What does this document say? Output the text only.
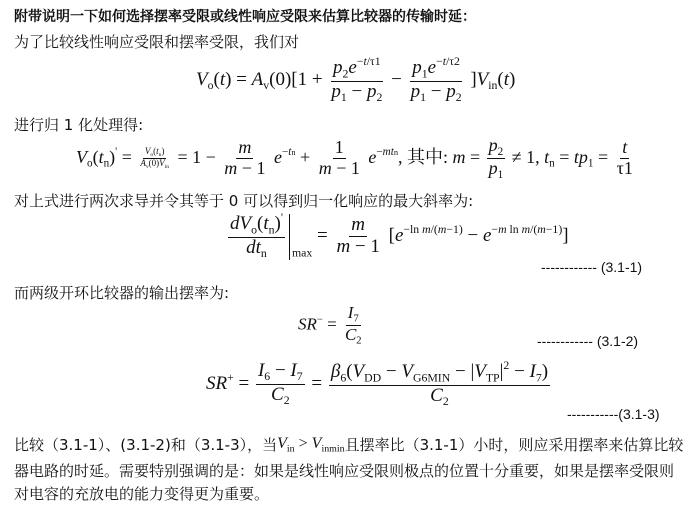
附带说明一下如何选择摆率受限或线性响应受限来估算比较器的传输时延：
为了比较线性响应受限和摆率受限，我们对
$V_o(t) = A_v(0)[1 + \frac{p_2e^{-t/\tau 1}}{p_1 - p_2} - \frac{p_1e^{-t/\tau 2}}{p_1 - p_2} ]V_{in}(t)$
进行归 1 化处理得:
$V_o(t_n)' = \frac{V_o(t_n)}{A_v(0)V_{in}} = 1 - \frac{m}{m - 1} e^{-tn} + \frac{1}{m - 1} e^{-mtn}$, 其中: $m = \frac{p_2}{p_1} \ne 1$, $t_n = tp_1 = \frac{t}{\tau 1}$
对上式进行两次求导并令其等于 0 可以得到归一化响应的最大斜率为:
$\frac{dV_o(t_n)'}{dt_n} _{max} = \frac{m}{m - 1} [e^{-ln m/(m-1)} - e^{-m ln m/(m-1)}]$
------------ (3.1-1)
而两级开环比较器的输出摆率为:
$SR^- = \frac{I_7}{C_2}$	------------ (3.1-2)
$SR^+ = \frac{I_6 - I_7}{C_2} = \frac{\beta_6(V_{DD} - V_{G6MIN} - |V_{TP}|^2 - I_7)}{C_2}$
-----------(3.1-3)
比较（3.1-1）、(3.1-2)和（3.1-3），当$V_{in} > V_{inmin}$且摆率比（3.1-1）小时，则应采用摆率来估算比较器电路的时延。需要特别强调的是：如果是线性响应受限则极点的位置十分重要，如果是摆率受限则对电容的充放电的能力变得更为重要。
